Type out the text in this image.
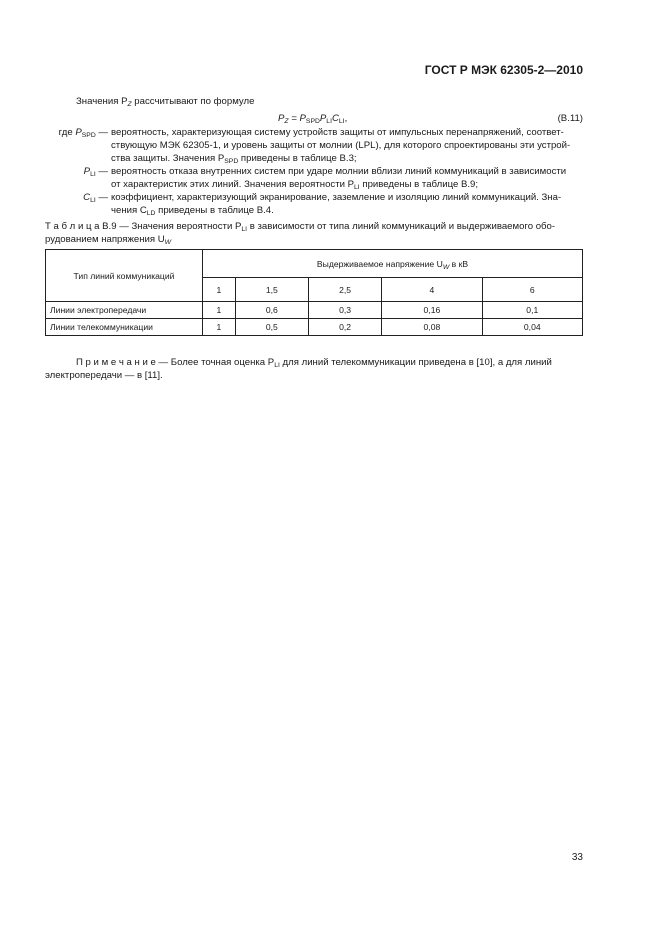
ГОСТ Р МЭК 62305-2—2010
Значения $P_Z$ рассчитывают по формуле
$P_Z = P_{SPD}P_{LI}C_{LI}$,	(B.11)
где $P_{SPD}$ — вероятность, характеризующая систему устройств защиты от импульсных перенапряжений, соответ-
ствующую МЭК 62305-1, и уровень защиты от молнии (LPL), для которого спроектированы эти устрой-
ства защиты. Значения $P_{SPD}$ приведены в таблице B.3;
$P_{LI}$ — вероятность отказа внутренних систем при ударе молнии вблизи линий коммуникаций в зависимости
от характеристик этих линий. Значения вероятности $P_{LI}$ приведены в таблице B.9;
$C_{LI}$ — коэффициент, характеризующий экранирование, заземление и изоляцию линий коммуникаций. Зна-
чения $C_{LD}$ приведены в таблице B.4.
Т а б л и ц а B.9 — Значения вероятности $P_{LI}$ в зависимости от типа линий коммуникаций и выдерживаемого обо-
рудованием напряжения $U_W$
Тип линий коммуникаций	Выдерживаемое напряжение $U_W$ в кВ				
	1	1,5	2,5	4	6
Линии электропередачи	1	0,6	0,3	0,16	0,1
Линии телекоммуникации	1	0,5	0,2	0,08	0,04
П р и м е ч а н и е — Более точная оценка $P_{LI}$ для линий телекоммуникации приведена в [10], а для линий
электропередачи — в [11].
33
